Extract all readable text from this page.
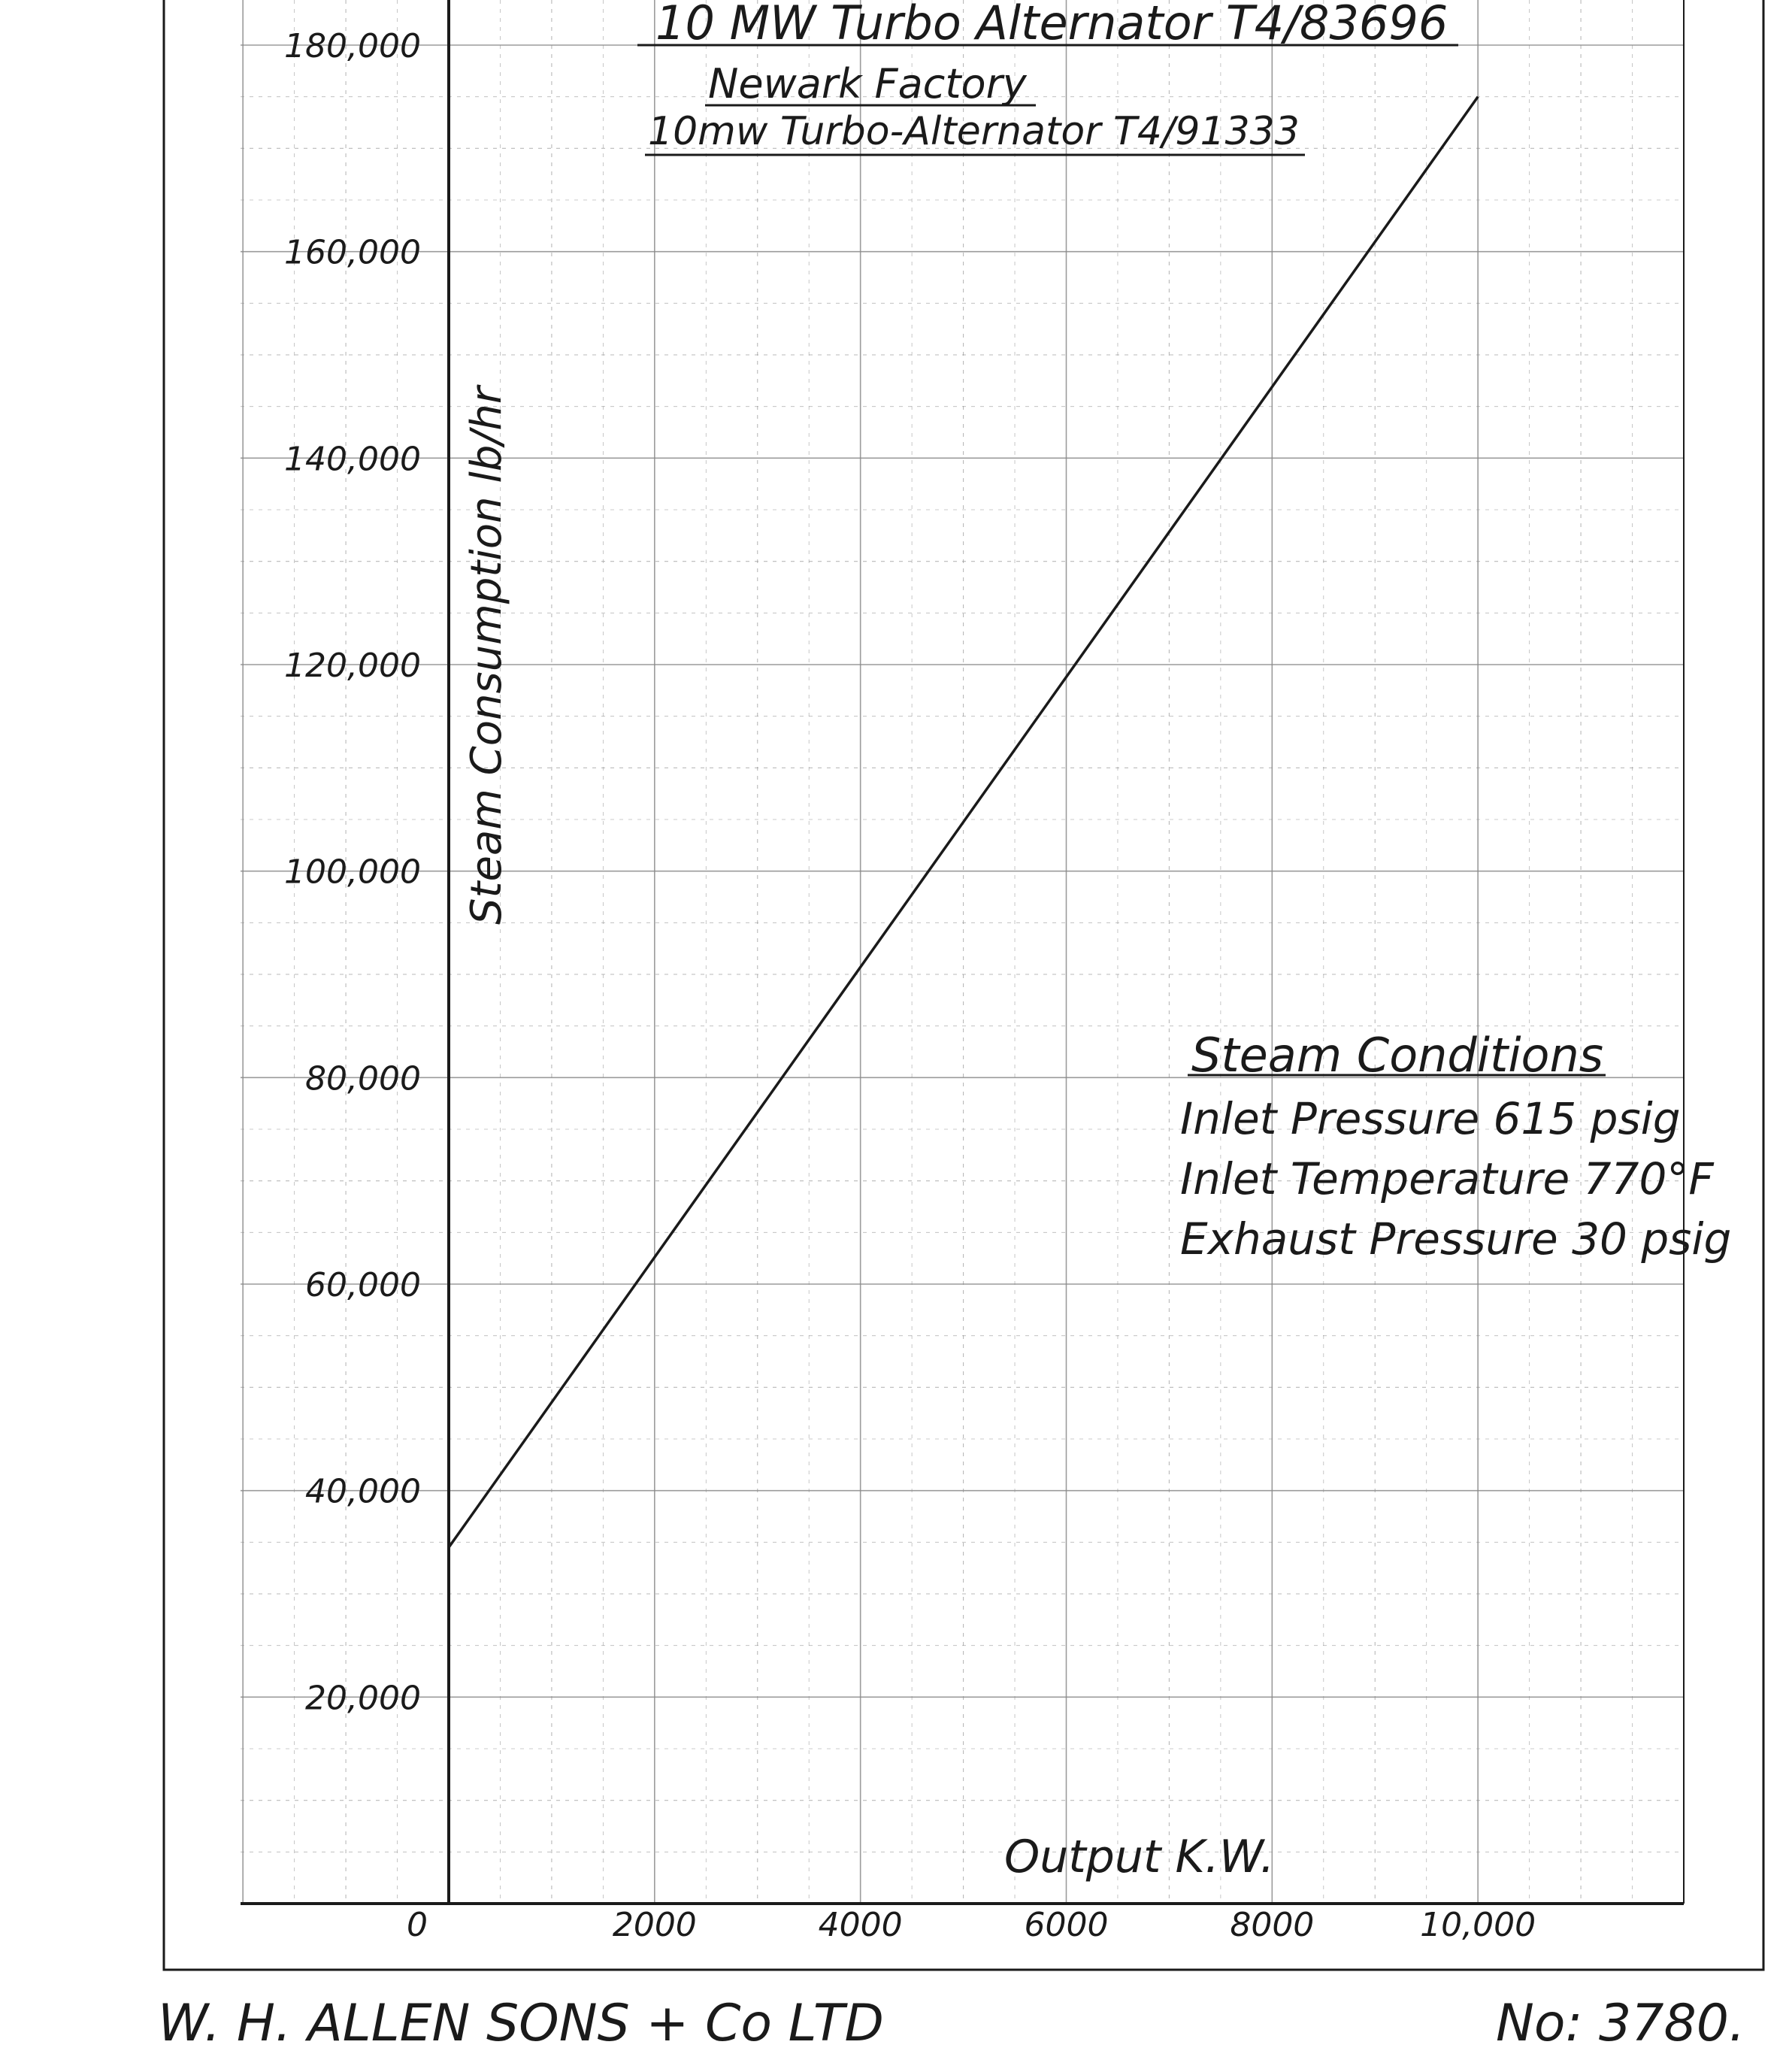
20,000
40,000
60,000
80,000
100,000
120,000
140,000
160,000
180,000
0	2000	4000	6000	8000	10,000
10 MW Turbo Alternator T4/83696
Newark Factory
10mw Turbo-Alternator T4/91333
Steam Consumption lb/hr
Output K.W.
Steam Conditions
Inlet Pressure 615 psig
Inlet Temperature 770°F
Exhaust Pressure 30 psig
W. H. ALLEN SONS + Co LTD	No: 3780.
